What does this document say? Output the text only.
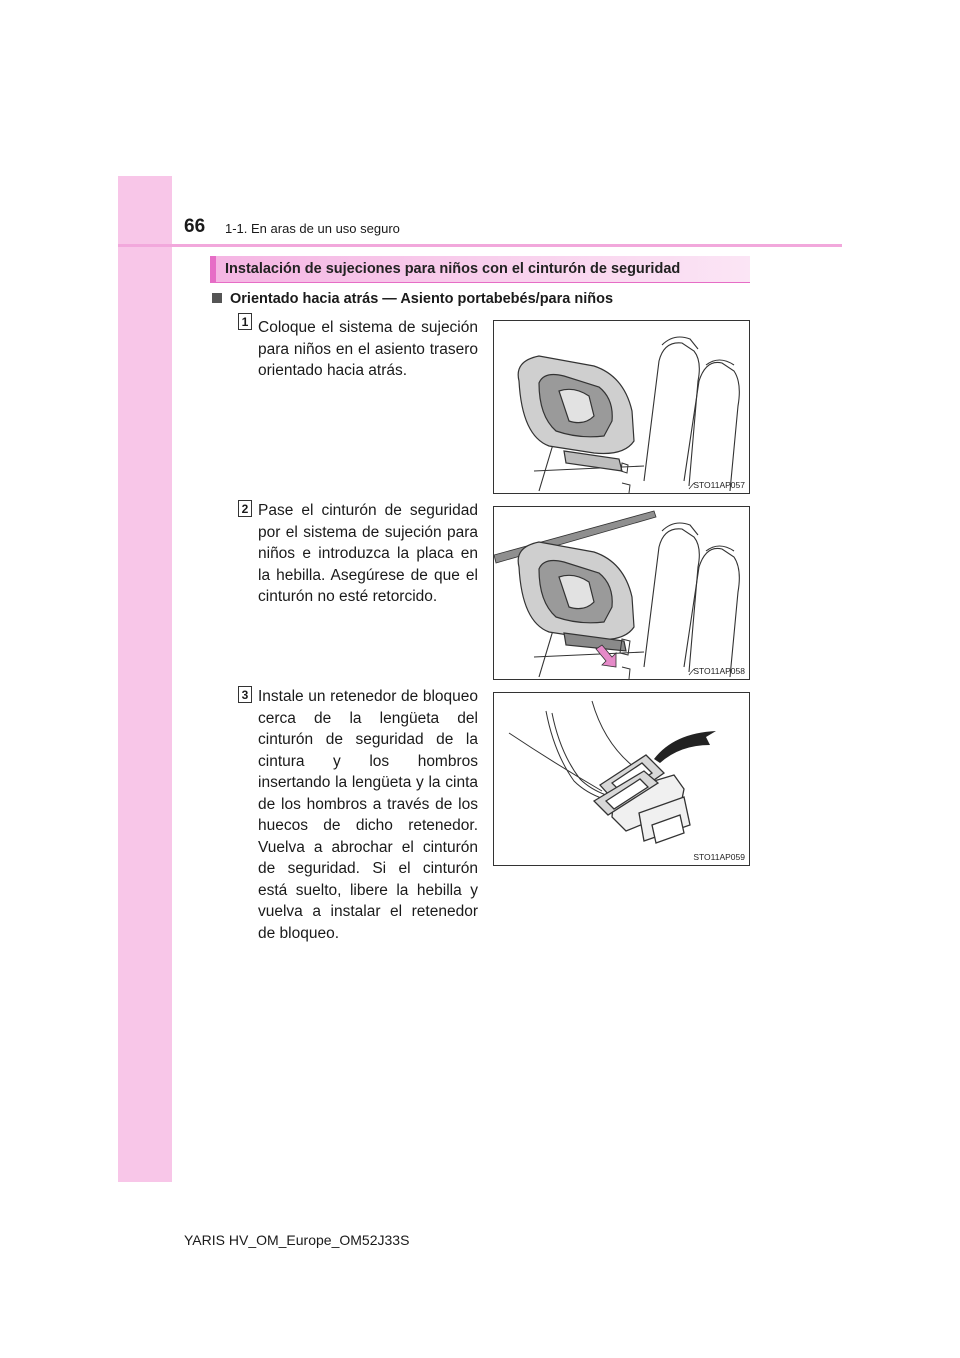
66 1-1. En aras de un uso seguro
Instalación de sujeciones para niños con el cinturón de seguridad
Orientado hacia atrás — Asiento portabebés/para niños
1 Coloque el sistema de sujeción para niños en el asiento trasero orientado hacia atrás.
STO11AP057
2 Pase el cinturón de seguridad por el sistema de sujeción para niños e introduzca la placa en la hebilla. Asegúrese de que el cinturón no esté retorcido.
STO11AP058
3 Instale un retenedor de bloqueo cerca de la lengüeta del cinturón de seguridad de la cintura y los hombros insertando la lengüeta y la cinta de los hombros a través de los huecos de dicho retenedor. Vuelva a abrochar el cinturón de seguridad. Si el cinturón está suelto, libere la hebilla y vuelva a instalar el retenedor de bloqueo.
STO11AP059
YARIS HV_OM_Europe_OM52J33S
